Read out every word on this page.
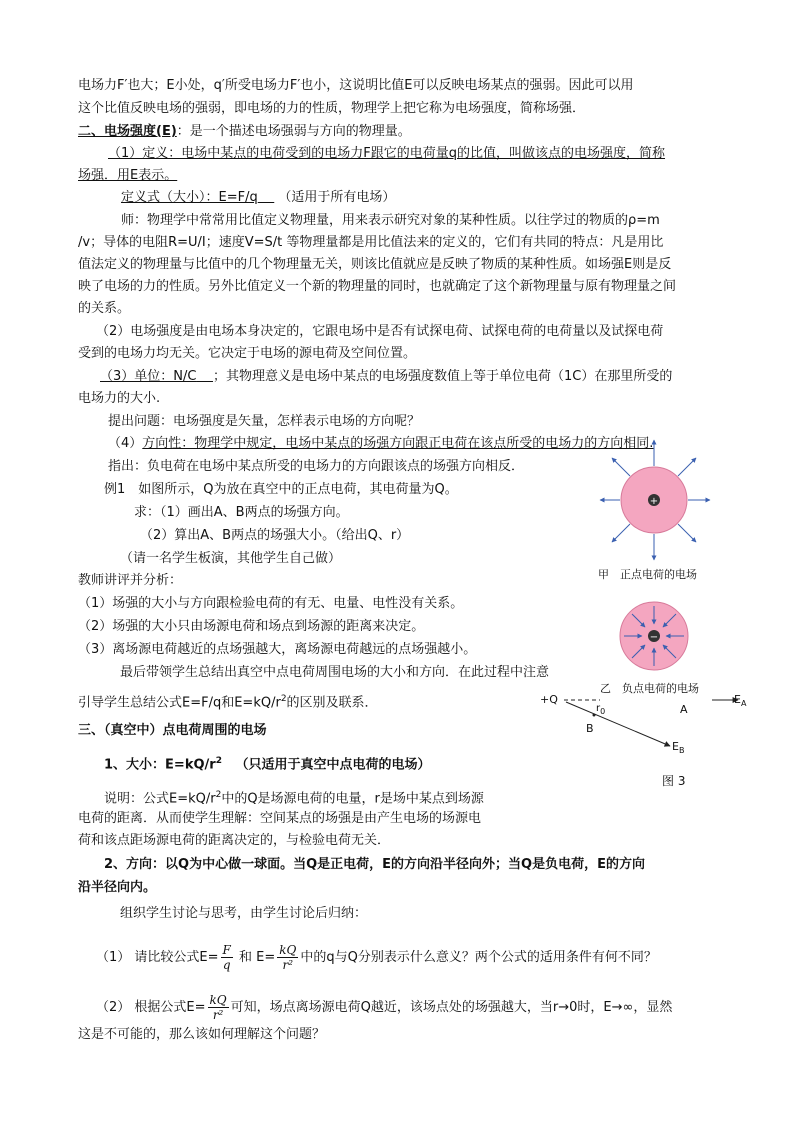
电场力F′也大；E小处，q′所受电场力F′也小，这说明比值E可以反映电场某点的强弱。因此可以用
这个比值反映电场的强弱，即电场的力的性质，物理学上把它称为电场强度，简称场强．
二、电场强度(E)：是一个描述电场强弱与方向的物理量。
（1）定义：电场中某点的电荷受到的电场力F跟它的电荷量q的比值，叫做该点的电场强度，简称
场强．用E表示。
定义式（大小）：E=F/q （适用于所有电场）
师：物理学中常常用比值定义物理量，用来表示研究对象的某种性质。以往学过的物质的ρ=m
/v；导体的电阻R=U/I；速度V=S/t 等物理量都是用比值法来的定义的，它们有共同的特点：凡是用比
值法定义的物理量与比值中的几个物理量无关，则该比值就应是反映了物质的某种性质。如场强E则是反
映了电场的力的性质。另外比值定义一个新的物理量的同时，也就确定了这个新物理量与原有物理量之间
的关系。
（2）电场强度是由电场本身决定的，它跟电场中是否有试探电荷、试探电荷的电荷量以及试探电荷
受到的电场力均无关。它决定于电场的源电荷及空间位置。
（3）单位：N/C ；其物理意义是电场中某点的电场强度数值上等于单位电荷（1C）在那里所受的
电场力的大小.
提出问题：电场强度是矢量，怎样表示电场的方向呢？
（4）方向性：物理学中规定，电场中某点的场强方向跟正电荷在该点所受的电场力的方向相同.
指出：负电荷在电场中某点所受的电场力的方向跟该点的场强方向相反．
例1　如图所示，Q为放在真空中的正点电荷，其电荷量为Q。
求：（1）画出A、B两点的场强方向。
（2）算出A、B两点的场强大小。（给出Q、r）
（请一名学生板演，其他学生自己做）
教师讲评并分析：
（1）场强的大小与方向跟检验电荷的有无、电量、电性没有关系。
（2）场强的大小只由场源电荷和场点到场源的距离来决定。
（3）离场源电荷越近的点场强越大，离场源电荷越远的点场强越小。
最后带领学生总结出真空中点电荷周围电场的大小和方向．在此过程中注意
引导学生总结公式E=F/q和$E=kQ/r^2$的区别及联系．
三、（真空中）点电荷周围的电场
1、大小：$E=kQ/r^2$ （只适用于真空中点电荷的电场）
说明：公式$E=kQ/r^2$中的Q是场源电荷的电量，r是场中某点到场源
电荷的距离．从而使学生理解：空间某点的场强是由产生电场的场源电
荷和该点距场源电荷的距离决定的，与检验电荷无关．
2、方向：以Q为中心做一球面。当Q是正电荷，E的方向沿半径向外；当Q是负电荷，E的方向
沿半径向内。
组织学生讨论与思考，由学生讨论后归纳：
（1） 请比较公式$E= \frac{F}{q}$ 和 $E= \frac{kQ}{\text{r²}}$ 中的q与Q分别表示什么意义？两个公式的适用条件有何不同？
（2） 根据公式$E= \frac{kQ}{\text{r²}}$ 可知，场点离场源电荷Q越近，该场点处的场强越大，当r→0时，E→∞，显然
这是不可能的，那么该如何理解这个问题？
+
甲　正点电荷的电场
−
乙　负点电荷的电场
+Q
$r_0$	A
B
$E_A$
$E_B$
图 3
